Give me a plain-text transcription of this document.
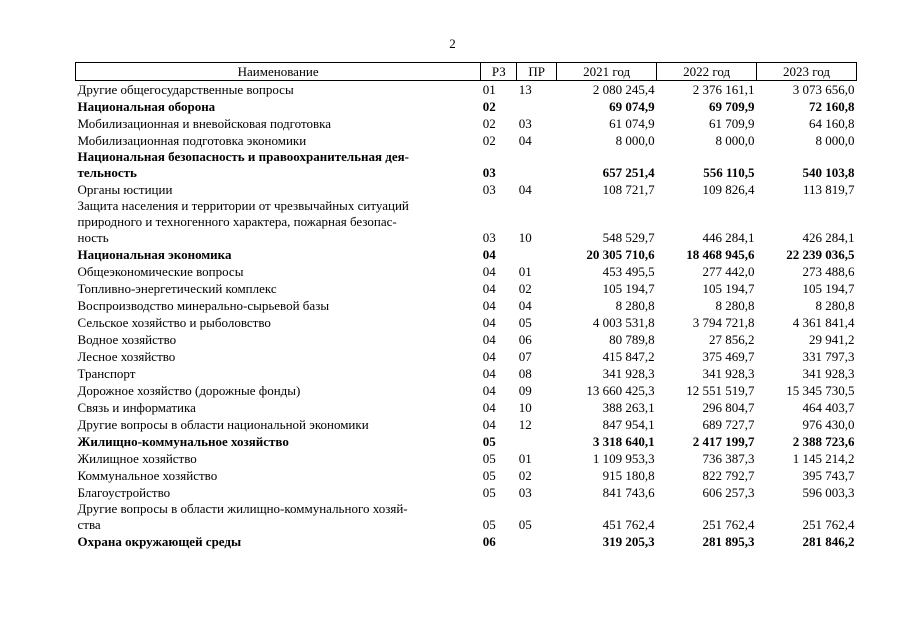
2
Наименование	РЗ	ПР	2021 год	2022 год	2023 год
Другие общегосударственные вопросы	01	13	2 080 245,4	2 376 161,1	3 073 656,0
Национальная оборона	02		69 074,9	69 709,9	72 160,8
Мобилизационная и вневойсковая подготовка	02	03	61 074,9	61 709,9	64 160,8
Мобилизационная подготовка экономики	02	04	8 000,0	8 000,0	8 000,0

Национальная безопасность и правоохранительная дея-
тельность	03		657 251,4	556 110,5	540 103,8
Органы юстиции	03	04	108 721,7	109 826,4	113 819,7

Защита населения и территории от чрезвычайных ситуаций
природного и техногенного характера, пожарная безопас-
ность	03	10	548 529,7	446 284,1	426 284,1
Национальная экономика	04		20 305 710,6	18 468 945,6	22 239 036,5
Общеэкономические вопросы	04	01	453 495,5	277 442,0	273 488,6
Топливно-энергетический комплекс	04	02	105 194,7	105 194,7	105 194,7
Воспроизводство минерально-сырьевой базы	04	04	8 280,8	8 280,8	8 280,8
Сельское хозяйство и рыболовство	04	05	4 003 531,8	3 794 721,8	4 361 841,4
Водное хозяйство	04	06	80 789,8	27 856,2	29 941,2
Лесное хозяйство	04	07	415 847,2	375 469,7	331 797,3
Транспорт	04	08	341 928,3	341 928,3	341 928,3
Дорожное хозяйство (дорожные фонды)	04	09	13 660 425,3	12 551 519,7	15 345 730,5
Связь и информатика	04	10	388 263,1	296 804,7	464 403,7
Другие вопросы в области национальной экономики	04	12	847 954,1	689 727,7	976 430,0
Жилищно-коммунальное хозяйство	05		3 318 640,1	2 417 199,7	2 388 723,6
Жилищное хозяйство	05	01	1 109 953,3	736 387,3	1 145 214,2
Коммунальное хозяйство	05	02	915 180,8	822 792,7	395 743,7
Благоустройство	05	03	841 743,6	606 257,3	596 003,3

Другие вопросы в области жилищно-коммунального хозяй-
ства	05	05	451 762,4	251 762,4	251 762,4
Охрана окружающей среды	06		319 205,3	281 895,3	281 846,2
